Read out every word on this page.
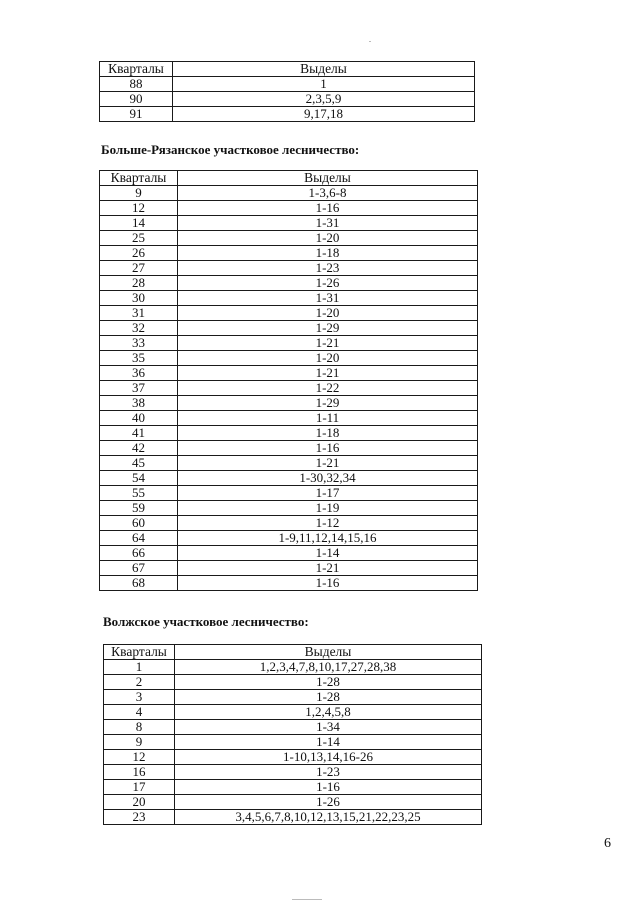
Кварталы	Выделы
88	1
90	2,3,5,9
91	9,17,18
Больше-Рязанское участковое лесничество:
Кварталы	Выделы
9	1-3,6-8
12	1-16
14	1-31
25	1-20
26	1-18
27	1-23
28	1-26
30	1-31
31	1-20
32	1-29
33	1-21
35	1-20
36	1-21
37	1-22
38	1-29
40	1-11
41	1-18
42	1-16
45	1-21
54	1-30,32,34
55	1-17
59	1-19
60	1-12
64	1-9,11,12,14,15,16
66	1-14
67	1-21
68	1-16
Волжское участковое лесничество:
Кварталы	Выделы
1	1,2,3,4,7,8,10,17,27,28,38
2	1-28
3	1-28
4	1,2,4,5,8
8	1-34
9	1-14
12	1-10,13,14,16-26
16	1-23
17	1-16
20	1-26
23	3,4,5,6,7,8,10,12,13,15,21,22,23,25
6
